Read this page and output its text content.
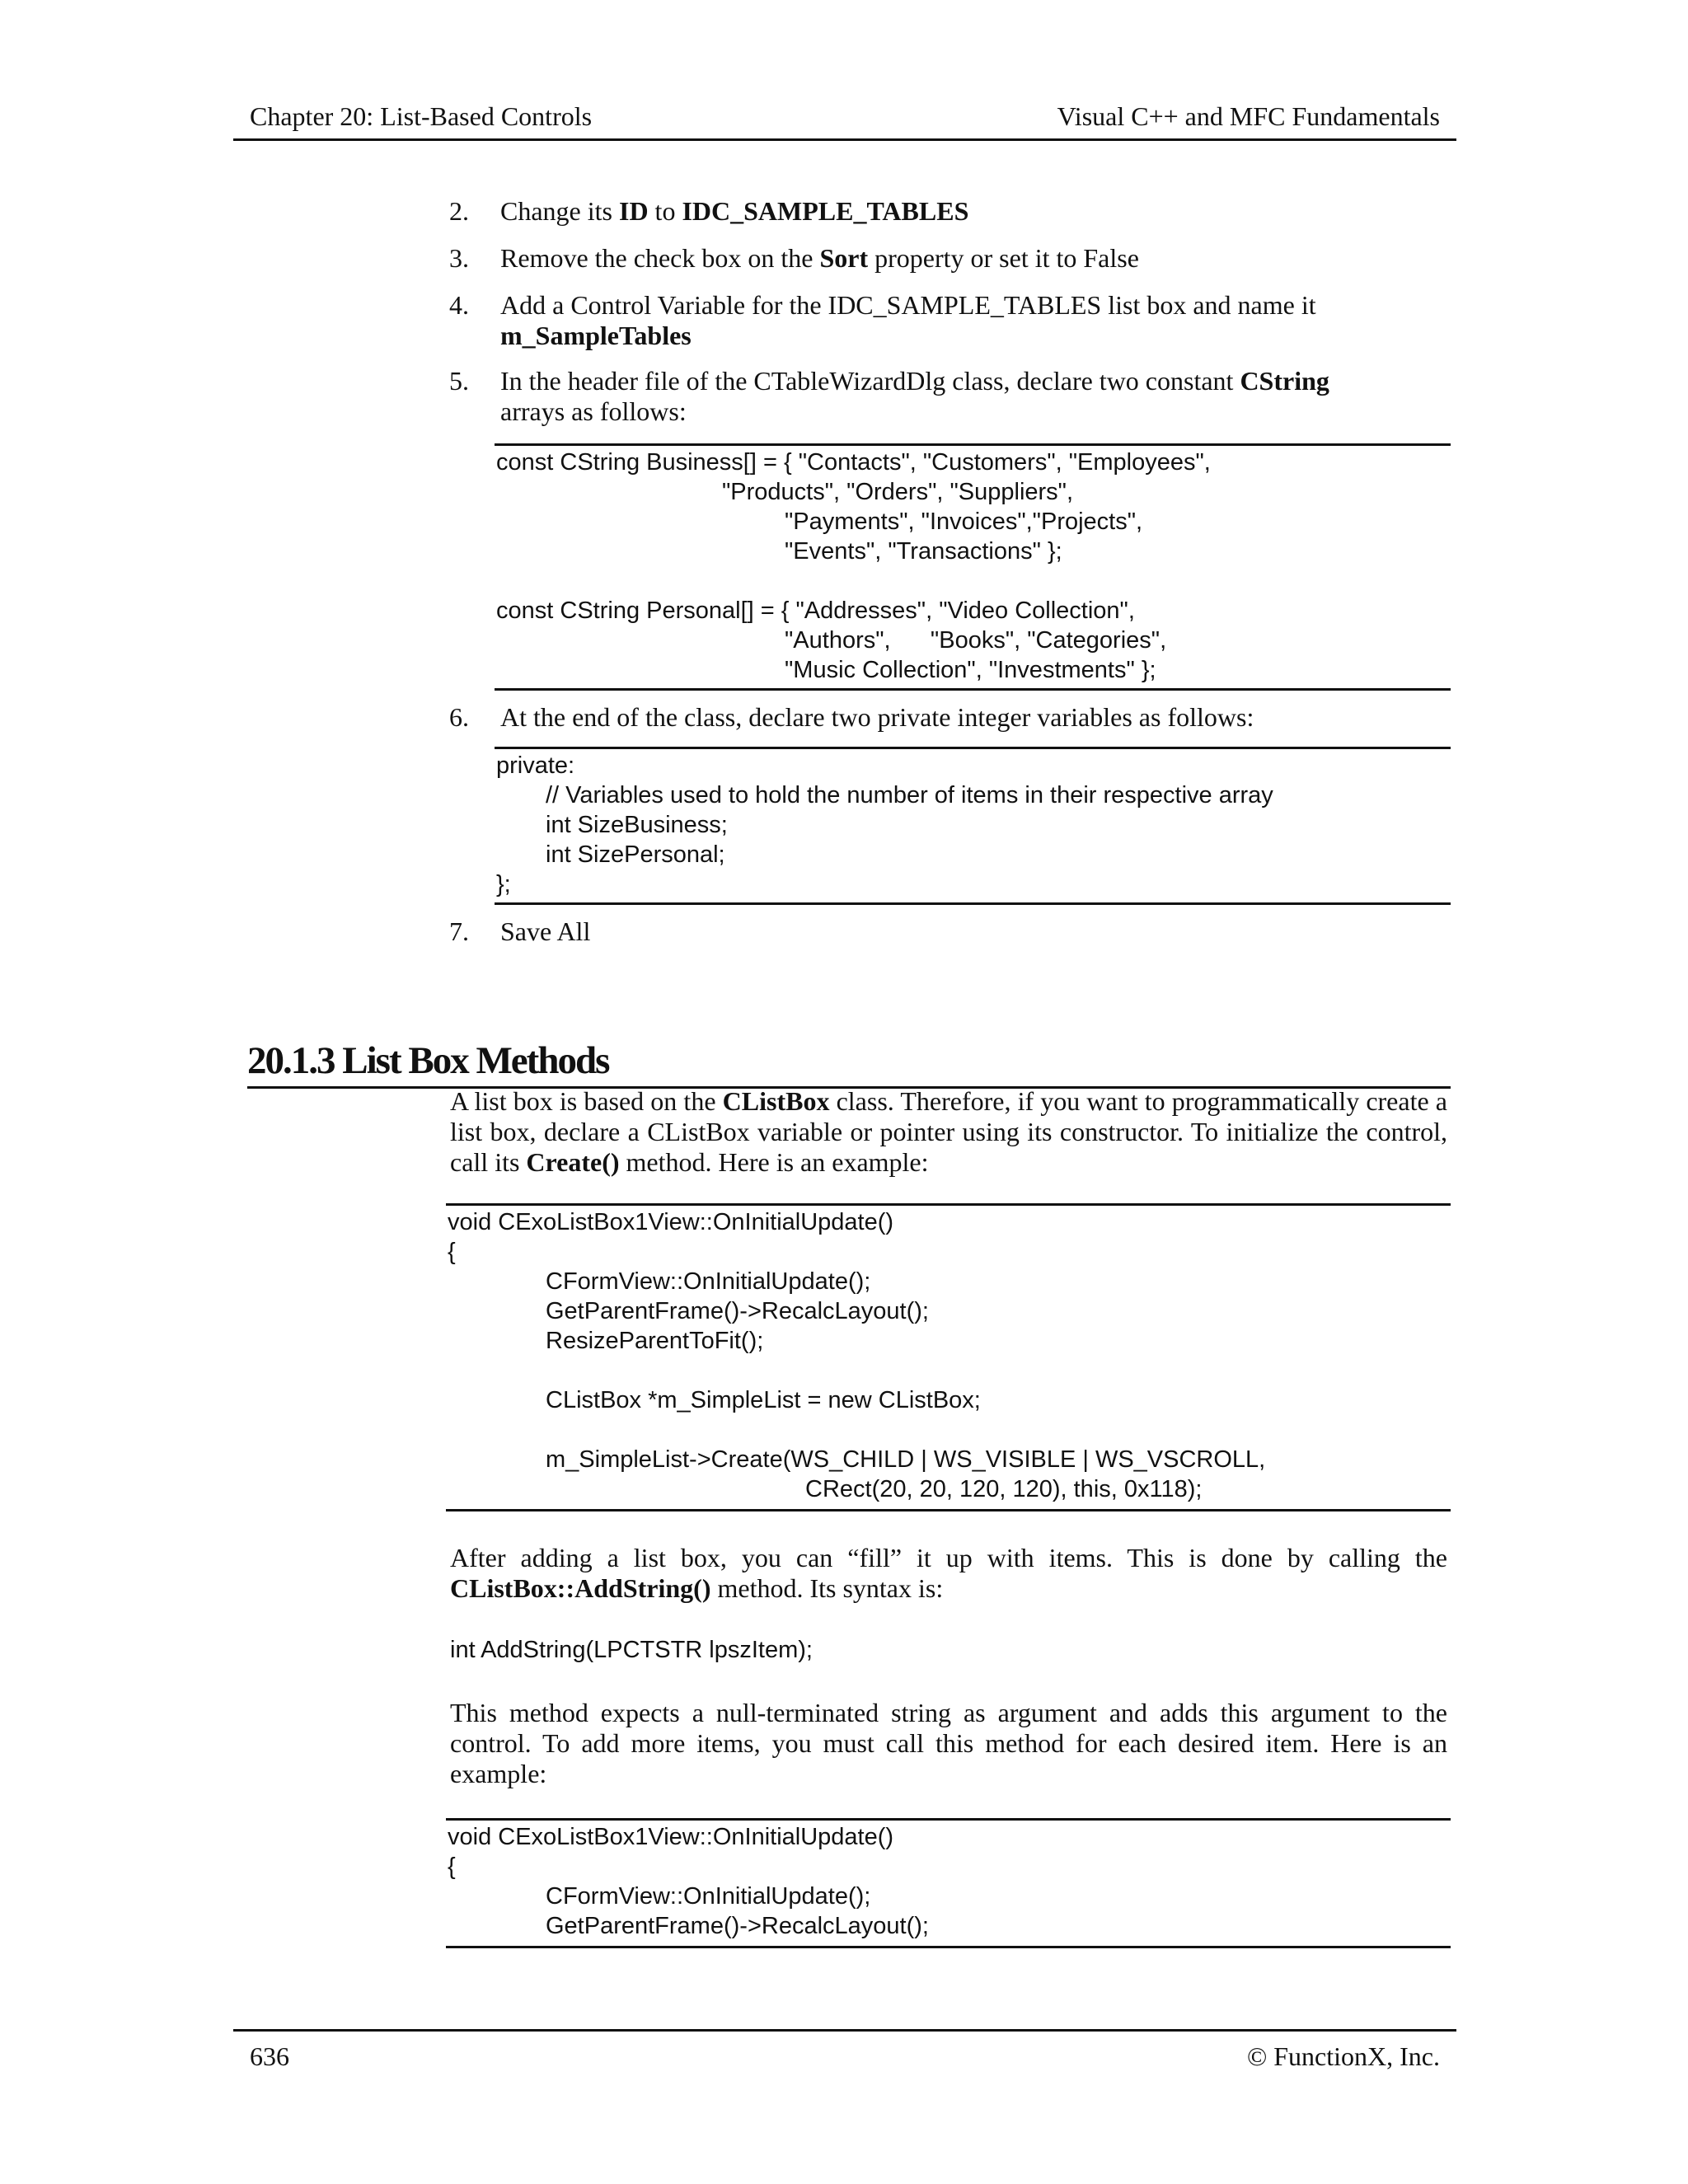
Chapter 20: List-Based Controls	Visual C++ and MFC Fundamentals
2. Change its ID to IDC_SAMPLE_TABLES
3. Remove the check box on the Sort property or set it to False
4. Add a Control Variable for the IDC_SAMPLE_TABLES list box and name it
m_SampleTables
5. In the header file of the CTableWizardDlg class, declare two constant CString
arrays as follows:
const CString Business[] = { "Contacts", "Customers", "Employees",
"Products", "Orders", "Suppliers",
"Payments", "Invoices","Projects",
"Events", "Transactions" };
const CString Personal[] = { "Addresses", "Video Collection",
"Authors",      "Books", "Categories",
"Music Collection", "Investments" };
6. At the end of the class, declare two private integer variables as follows:
private:
// Variables used to hold the number of items in their respective array
int SizeBusiness;
int SizePersonal;
};
7. Save All
20.1.3 List Box Methods
A list box is based on the CListBox class. Therefore, if you want to programmatically create a list box, declare a CListBox variable or pointer using its constructor. To initialize the control, call its Create() method. Here is an example:
void CExoListBox1View::OnInitialUpdate()
{
CFormView::OnInitialUpdate();
GetParentFrame()->RecalcLayout();
ResizeParentToFit();
CListBox *m_SimpleList = new CListBox;
m_SimpleList->Create(WS_CHILD | WS_VISIBLE | WS_VSCROLL,
CRect(20, 20, 120, 120), this, 0x118);
After adding a list box, you can “fill” it up with items. This is done by calling the CListBox::AddString() method. Its syntax is:
int AddString(LPCTSTR lpszItem);
This method expects a null-terminated string as argument and adds this argument to the control. To add more items, you must call this method for each desired item. Here is an example:
void CExoListBox1View::OnInitialUpdate()
{
CFormView::OnInitialUpdate();
GetParentFrame()->RecalcLayout();
636	© FunctionX, Inc.
